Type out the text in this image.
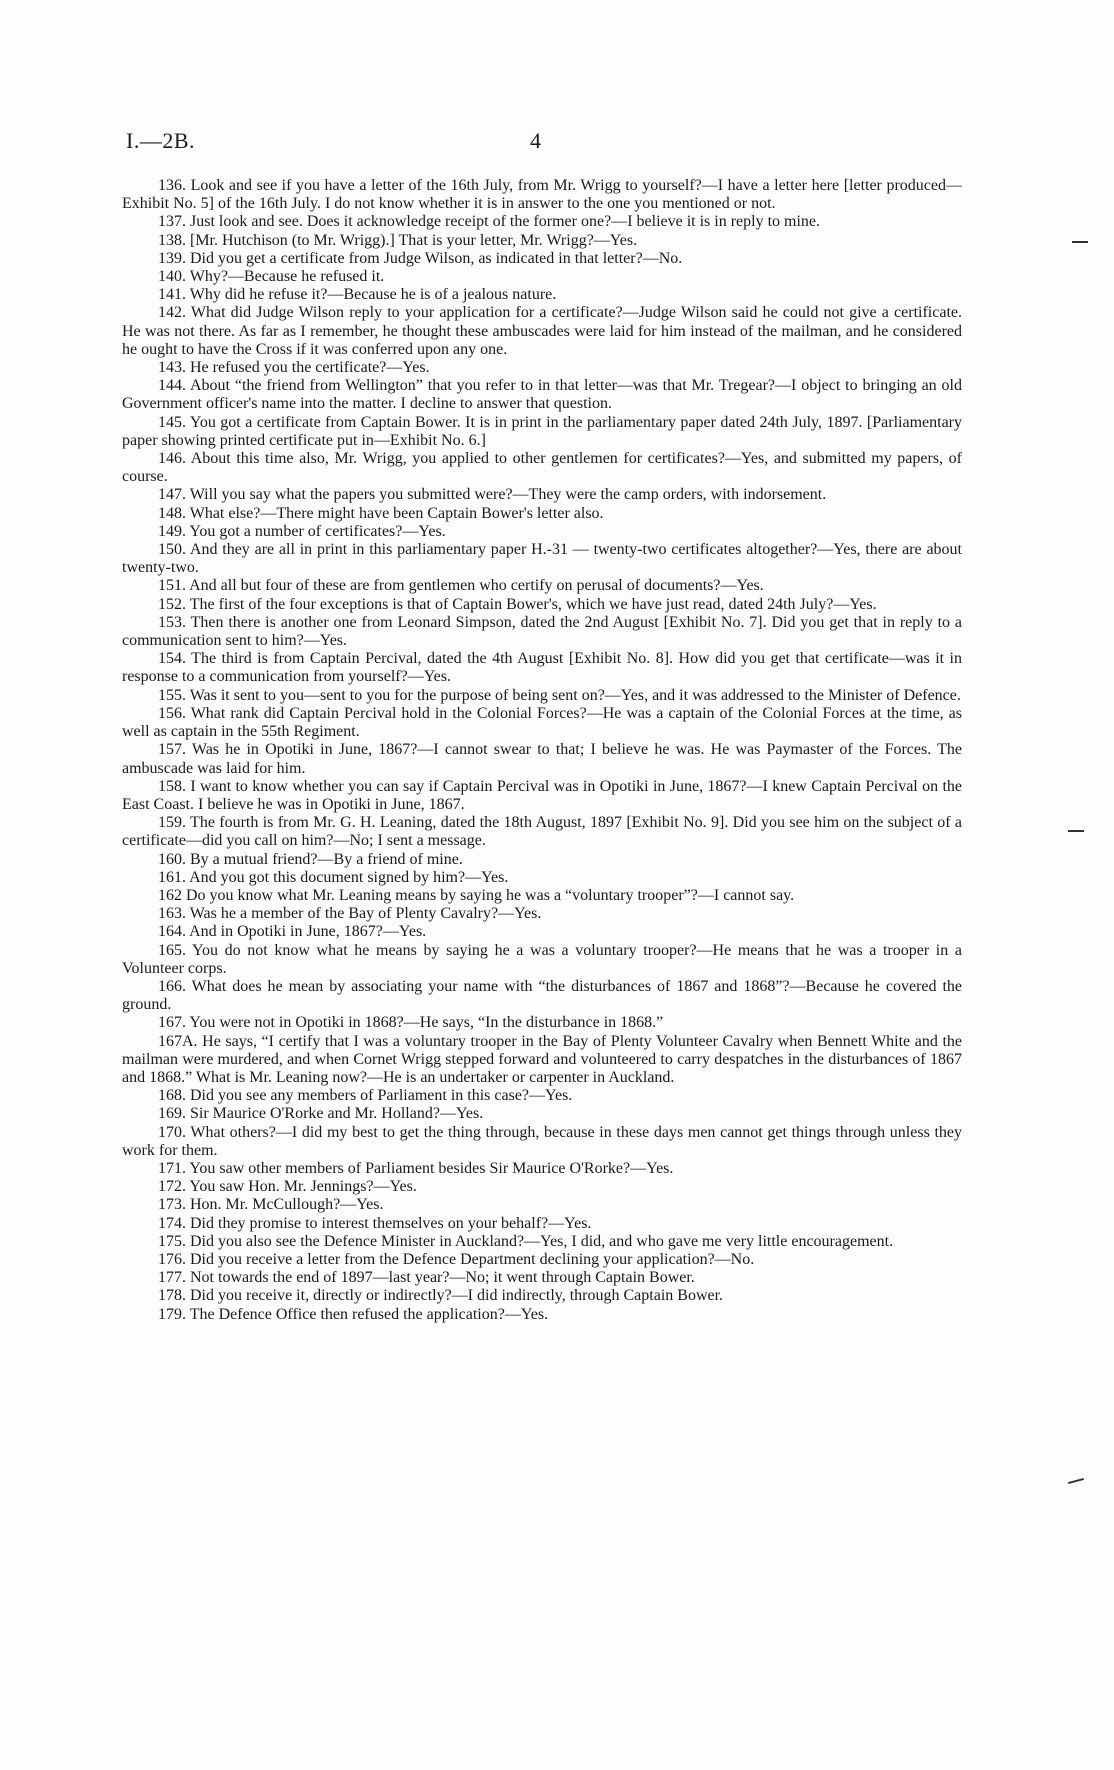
I.—2B.	4

136. Look and see if you have a letter of the 16th July, from Mr. Wrigg to yourself?—I have a letter here [letter produced—Exhibit No. 5] of the 16th July. I do not know whether it is in answer to the one you mentioned or not.

137. Just look and see. Does it acknowledge receipt of the former one?—I believe it is in reply to mine.

138. [Mr. Hutchison (to Mr. Wrigg).] That is your letter, Mr. Wrigg?—Yes.

139. Did you get a certificate from Judge Wilson, as indicated in that letter?—No.

140. Why?—Because he refused it.

141. Why did he refuse it?—Because he is of a jealous nature.

142. What did Judge Wilson reply to your application for a certificate?—Judge Wilson said he could not give a certificate. He was not there. As far as I remember, he thought these ambuscades were laid for him instead of the mailman, and he considered he ought to have the Cross if it was conferred upon any one.

143. He refused you the certificate?—Yes.

144. About “the friend from Wellington” that you refer to in that letter—was that Mr. Tregear?—I object to bringing an old Government officer's name into the matter. I decline to answer that question.

145. You got a certificate from Captain Bower. It is in print in the parliamentary paper dated 24th July, 1897. [Parliamentary paper showing printed certificate put in—Exhibit No. 6.]

146. About this time also, Mr. Wrigg, you applied to other gentlemen for certificates?—Yes, and submitted my papers, of course.

147. Will you say what the papers you submitted were?—They were the camp orders, with indorsement.

148. What else?—There might have been Captain Bower's letter also.

149. You got a number of certificates?—Yes.

150. And they are all in print in this parliamentary paper H.-31 — twenty-two certificates altogether?—Yes, there are about twenty-two.

151. And all but four of these are from gentlemen who certify on perusal of documents?—Yes.

152. The first of the four exceptions is that of Captain Bower's, which we have just read, dated 24th July?—Yes.

153. Then there is another one from Leonard Simpson, dated the 2nd August [Exhibit No. 7]. Did you get that in reply to a communication sent to him?—Yes.

154. The third is from Captain Percival, dated the 4th August [Exhibit No. 8]. How did you get that certificate—was it in response to a communication from yourself?—Yes.

155. Was it sent to you—sent to you for the purpose of being sent on?—Yes, and it was addressed to the Minister of Defence.

156. What rank did Captain Percival hold in the Colonial Forces?—He was a captain of the Colonial Forces at the time, as well as captain in the 55th Regiment.

157. Was he in Opotiki in June, 1867?—I cannot swear to that; I believe he was. He was Paymaster of the Forces. The ambuscade was laid for him.

158. I want to know whether you can say if Captain Percival was in Opotiki in June, 1867?—I knew Captain Percival on the East Coast. I believe he was in Opotiki in June, 1867.

159. The fourth is from Mr. G. H. Leaning, dated the 18th August, 1897 [Exhibit No. 9]. Did you see him on the subject of a certificate—did you call on him?—No; I sent a message.

160. By a mutual friend?—By a friend of mine.

161. And you got this document signed by him?—Yes.

162 Do you know what Mr. Leaning means by saying he was a “voluntary trooper”?—I cannot say.

163. Was he a member of the Bay of Plenty Cavalry?—Yes.

164. And in Opotiki in June, 1867?—Yes.

165. You do not know what he means by saying he a was a voluntary trooper?—He means that he was a trooper in a Volunteer corps.

166. What does he mean by associating your name with “the disturbances of 1867 and 1868”?—Because he covered the ground.

167. You were not in Opotiki in 1868?—He says, “In the disturbance in 1868.”

167A. He says, “I certify that I was a voluntary trooper in the Bay of Plenty Volunteer Cavalry when Bennett White and the mailman were murdered, and when Cornet Wrigg stepped forward and volunteered to carry despatches in the disturbances of 1867 and 1868.” What is Mr. Leaning now?—He is an undertaker or carpenter in Auckland.

168. Did you see any members of Parliament in this case?—Yes.

169. Sir Maurice O'Rorke and Mr. Holland?—Yes.

170. What others?—I did my best to get the thing through, because in these days men cannot get things through unless they work for them.

171. You saw other members of Parliament besides Sir Maurice O'Rorke?—Yes.

172. You saw Hon. Mr. Jennings?—Yes.

173. Hon. Mr. McCullough?—Yes.

174. Did they promise to interest themselves on your behalf?—Yes.

175. Did you also see the Defence Minister in Auckland?—Yes, I did, and who gave me very little encouragement.

176. Did you receive a letter from the Defence Department declining your application?—No.

177. Not towards the end of 1897—last year?—No; it went through Captain Bower.

178. Did you receive it, directly or indirectly?—I did indirectly, through Captain Bower.

179. The Defence Office then refused the application?—Yes.
